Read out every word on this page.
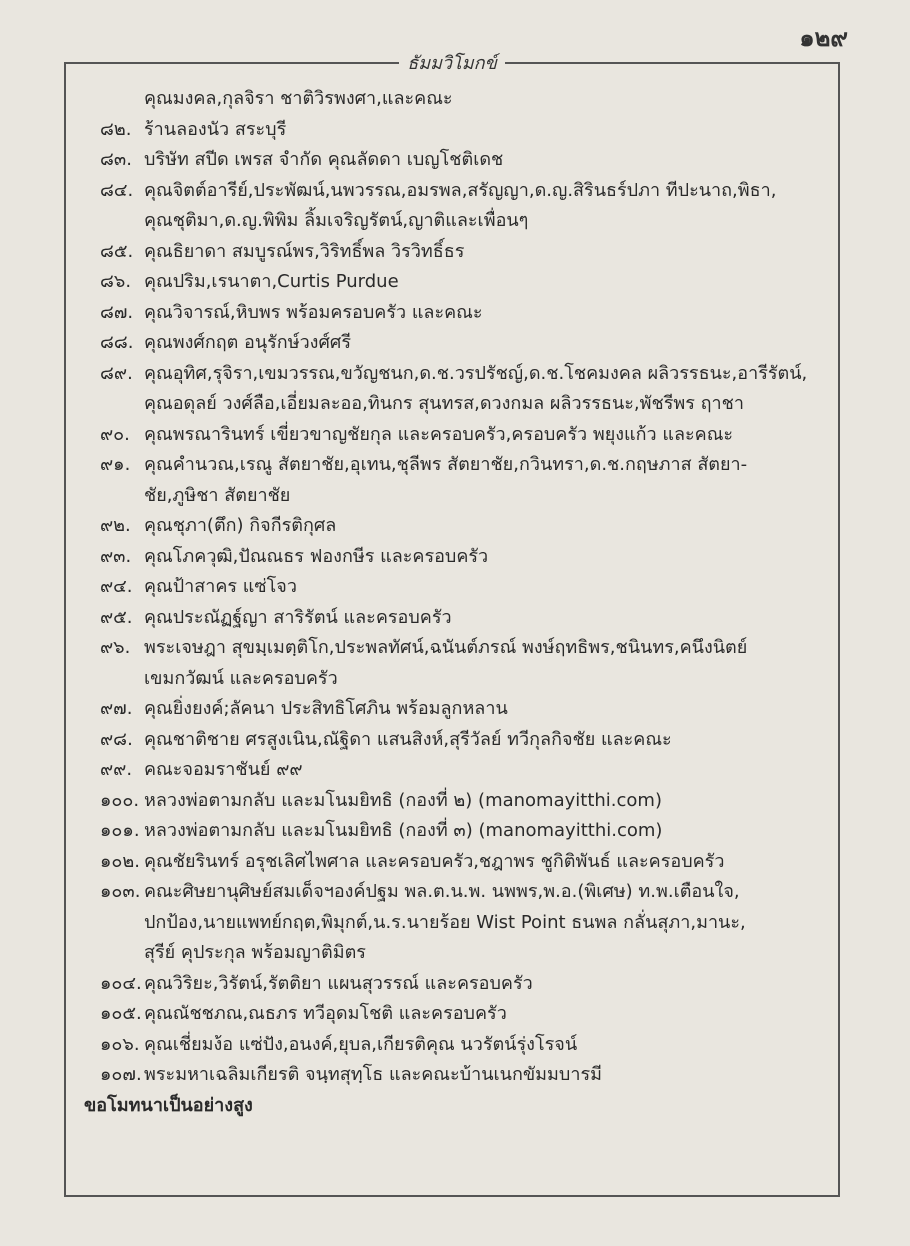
๑๒๙
ธัมมวิโมกข์
คุณมงคล,กุลจิรา ชาติวิรพงศา,และคณะ
๘๒. ร้านลองนัว สระบุรี
๘๓. บริษัท สปีด เพรส จำกัด คุณลัดดา เบญโชติเดช
๘๔. คุณจิตต์อารีย์,ประพัฒน์,นพวรรณ,อมรพล,สรัญญา,ด.ญ.สิรินธร์ปภา ทีปะนาถ,พิธา,
คุณชุติมา,ด.ญ.พิพิม ลิ้มเจริญรัตน์,ญาติและเพื่อนๆ
๘๕. คุณธิยาดา สมบูรณ์พร,วิริทธิ์พล วิรวิทธิ์ธร
๘๖. คุณปริม,เรนาตา,Curtis Purdue
๘๗. คุณวิจารณ์,หิบพร พร้อมครอบครัว และคณะ
๘๘. คุณพงศ์กฤต อนุรักษ์วงศ์ศรี
๘๙. คุณอุทิศ,รุจิรา,เขมวรรณ,ขวัญชนก,ด.ช.วรปรัชญ์,ด.ช.โชคมงคล ผลิวรรธนะ,อารีรัตน์,
คุณอดุลย์ วงศ์ลือ,เอี่ยมละออ,ทินกร สุนทรส,ดวงกมล ผลิวรรธนะ,พัชรีพร ฤาชา
๙๐. คุณพรณารินทร์ เขี่ยวขาญชัยกุล และครอบครัว,ครอบครัว พยุงแก้ว และคณะ
๙๑. คุณคำนวณ,เรณู สัตยาชัย,อุเทน,ชุลีพร สัตยาชัย,กวินทรา,ด.ช.กฤษภาส สัตยา-
ชัย,ภูษิชา สัตยาชัย
๙๒. คุณชุภา(ตึก) กิจกีรติกุศล
๙๓. คุณโภควุฒิ,ปัณณธร ฟองกษีร และครอบครัว
๙๔. คุณป้าสาคร แซ่โจว
๙๕. คุณประณัฏฐ์ญา สาริรัตน์ และครอบครัว
๙๖. พระเจษฎา สุขมฺเมตฺติโก,ประพลทัศน์,ฉนันต์ภรณ์ พงษ์ฤทธิพร,ชนินทร,คนึงนิตย์
เขมกวัฒน์ และครอบครัว
๙๗. คุณยิ่งยงค์;ลัคนา ประสิทธิโศภิน พร้อมลูกหลาน
๙๘. คุณชาติชาย ศรสูงเนิน,ณัฐิดา แสนสิงห์,สุรีวัลย์ ทวีกุลกิจชัย และคณะ
๙๙. คณะจอมราชันย์ ๙๙
๑๐๐. หลวงพ่อตามกลับ และมโนมยิทธิ (กองที่ ๒) (manomayitthi.com)
๑๐๑. หลวงพ่อตามกลับ และมโนมยิทธิ (กองที่ ๓) (manomayitthi.com)
๑๐๒. คุณชัยรินทร์ อรุชเลิศไพศาล และครอบครัว,ชฎาพร ชูกิติพันธ์ และครอบครัว
๑๐๓. คณะศิษยานุศิษย์สมเด็จฯองค์ปฐม พล.ต.น.พ. นพพร,พ.อ.(พิเศษ) ท.พ.เตือนใจ,
ปกป้อง,นายแพทย์กฤต,พิมุกต์,น.ร.นายร้อย Wist Point ธนพล กลั่นสุภา,มานะ,
สุรีย์ คุประกุล พร้อมญาติมิตร
๑๐๔. คุณวิริยะ,วิรัตน์,รัตติยา แผนสุวรรณ์ และครอบครัว
๑๐๕. คุณณัชชภณ,ณธภร ทวีอุดมโชติ และครอบครัว
๑๐๖. คุณเชี่ยมง้อ แซ่ปัง,อนงค์,ยุบล,เกียรติคุณ นวรัตน์รุ่งโรจน์
๑๐๗. พระมหาเฉลิมเกียรติ จนฺทสุทฺโธ และคณะบ้านเนกขัมมบารมี
ขอโมทนาเป็นอย่างสูง
